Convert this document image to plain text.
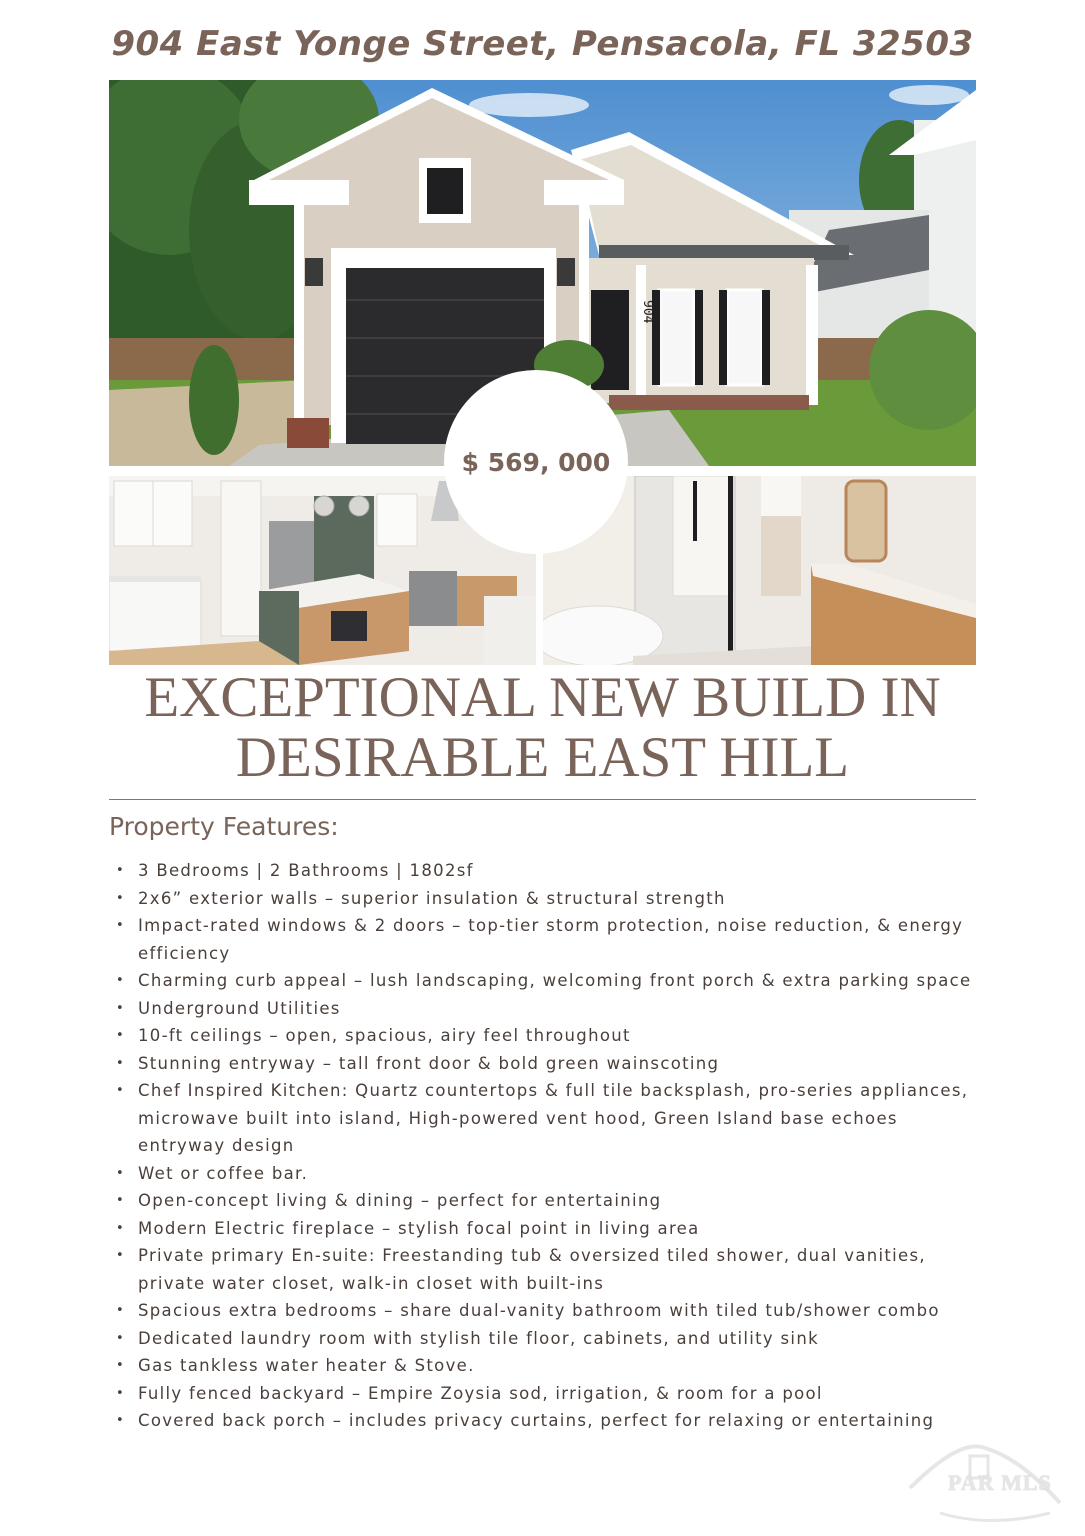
904 East Yonge Street, Pensacola, FL 32503
904
$ 569, 000
EXCEPTIONAL NEW BUILD IN
DESIRABLE EAST HILL
Property Features:
• 3 Bedrooms | 2 Bathrooms | 1802sf
• 2x6” exterior walls – superior insulation & structural strength
• Impact-rated windows & 2 doors – top-tier storm protection, noise reduction, & energy efficiency
• Charming curb appeal – lush landscaping, welcoming front porch & extra parking space
• Underground Utilities
• 10-ft ceilings – open, spacious, airy feel throughout
• Stunning entryway – tall front door & bold green wainscoting
• Chef Inspired Kitchen: Quartz countertops & full tile backsplash, pro-series appliances, microwave built into island, High-powered vent hood, Green Island base echoes entryway design
• Wet or coffee bar.
• Open-concept living & dining – perfect for entertaining
• Modern Electric fireplace – stylish focal point in living area
• Private primary En-suite: Freestanding tub & oversized tiled shower, dual vanities, private water closet, walk-in closet with built-ins
• Spacious extra bedrooms – share dual-vanity bathroom with tiled tub/shower combo
• Dedicated laundry room with stylish tile floor, cabinets, and utility sink
• Gas tankless water heater & Stove.
• Fully fenced backyard – Empire Zoysia sod, irrigation, & room for a pool
• Covered back porch – includes privacy curtains, perfect for relaxing or entertaining
PAR MLS
